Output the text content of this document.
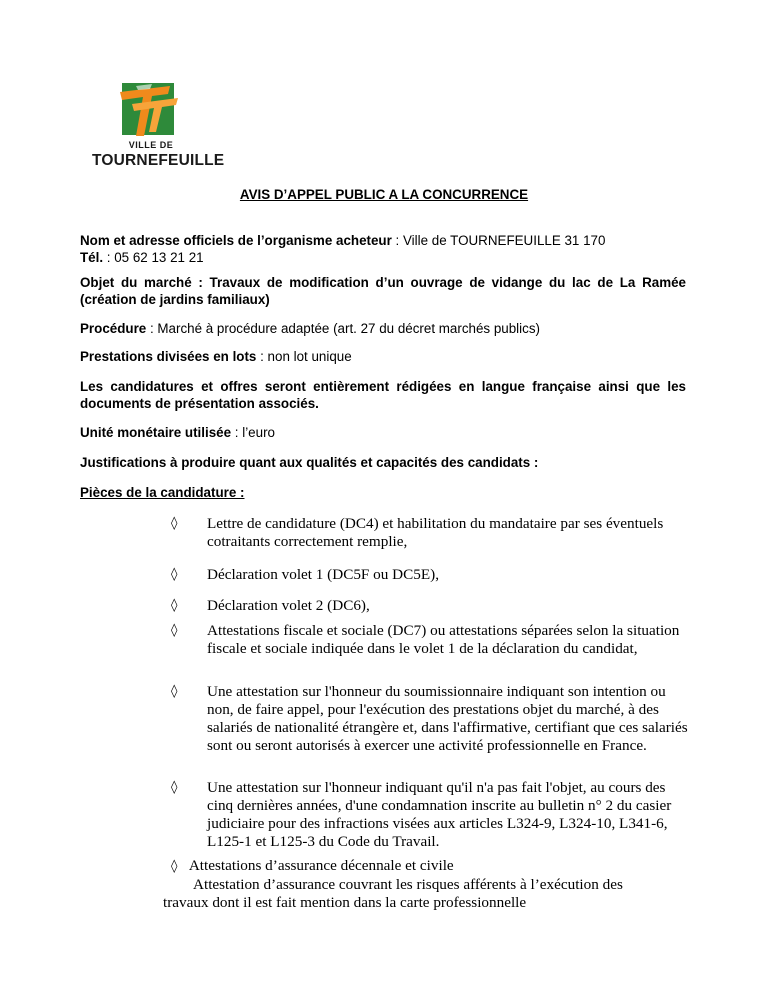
VILLE DE
TOURNEFEUILLE
AVIS D’APPEL PUBLIC A LA CONCURRENCE
Nom et adresse officiels de l’organisme acheteur : Ville de TOURNEFEUILLE 31 170
Tél. : 05 62 13 21 21
Objet du marché : Travaux de modification d’un ouvrage de vidange du lac de La Ramée (création de jardins familiaux)
Procédure : Marché à procédure adaptée (art. 27 du décret marchés publics)
Prestations divisées en lots : non lot unique
Les candidatures et offres seront entièrement rédigées en langue française ainsi que les documents de présentation associés.
Unité monétaire utilisée : l’euro
Justifications à produire quant aux qualités et capacités des candidats :
Pièces de la candidature :
◊ Lettre de candidature (DC4) et habilitation du mandataire par ses éventuels cotraitants correctement remplie,
◊ Déclaration volet 1 (DC5F ou DC5E),
◊ Déclaration volet 2 (DC6),
◊ Attestations fiscale et sociale (DC7) ou attestations séparées selon la situation fiscale et sociale indiquée dans le volet 1 de la déclaration du candidat,
◊ Une attestation sur l'honneur du soumissionnaire indiquant son intention ou non, de faire appel, pour l'exécution des prestations objet du marché, à des salariés de nationalité étrangère et, dans l'affirmative, certifiant que ces salariés sont ou seront autorisés à exercer une activité professionnelle en France.
◊ Une attestation sur l'honneur indiquant qu'il n'a pas fait l'objet, au cours des cinq dernières années, d'une condamnation inscrite au bulletin n° 2 du casier judiciaire pour des infractions visées aux articles L324-9, L324-10, L341-6, L125-1 et L125-3 du Code du Travail.
◊ Attestations d’assurance décennale et civile
Attestation d’assurance couvrant les risques afférents à l’exécution des
travaux dont il est fait mention dans la carte professionnelle
